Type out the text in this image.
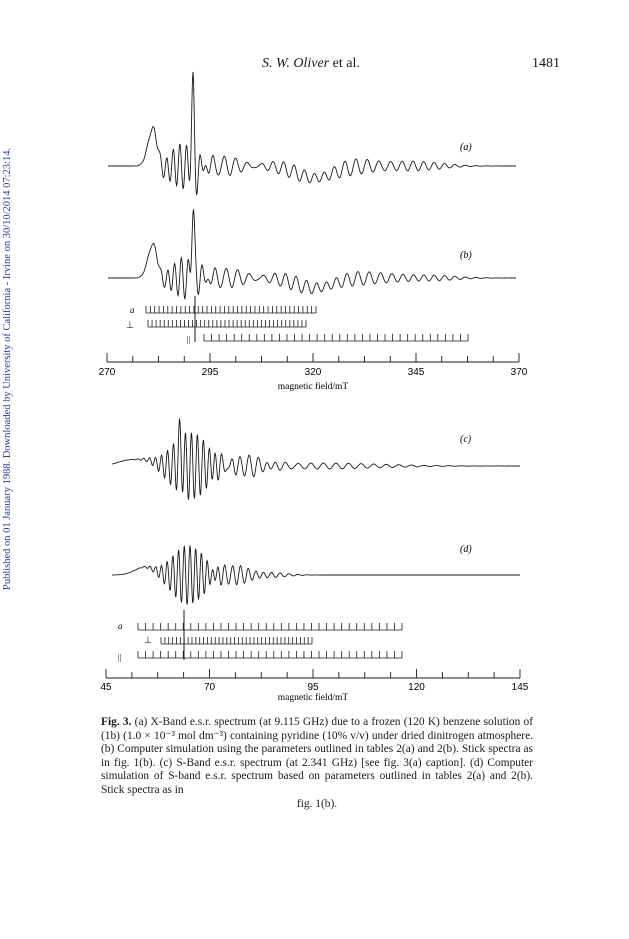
Published on 01 January 1988. Downloaded by University of California - Irvine on 30/10/2014 07:23:14.
S. W. Oliver et al.	1481
(a)
(b)
a
⊥
||
270	295	320	345	370
magnetic field/mT
(c)
(d)
a
⊥
||
45	70	95	120	145
magnetic field/mT
Fig. 3. (a) X-Band e.s.r. spectrum (at 9.115 GHz) due to a frozen (120 K) benzene solution of (1b) (1.0 × 10⁻³ mol dm⁻³) containing pyridine (10% v/v) under dried dinitrogen atmosphere. (b) Computer simulation using the parameters outlined in tables 2(a) and 2(b). Stick spectra as in fig. 1(b). (c) S-Band e.s.r. spectrum (at 2.341 GHz) [see fig. 3(a) caption]. (d) Computer simulation of S-band e.s.r. spectrum based on parameters outlined in tables 2(a) and 2(b). Stick spectra as in
fig. 1(b).
